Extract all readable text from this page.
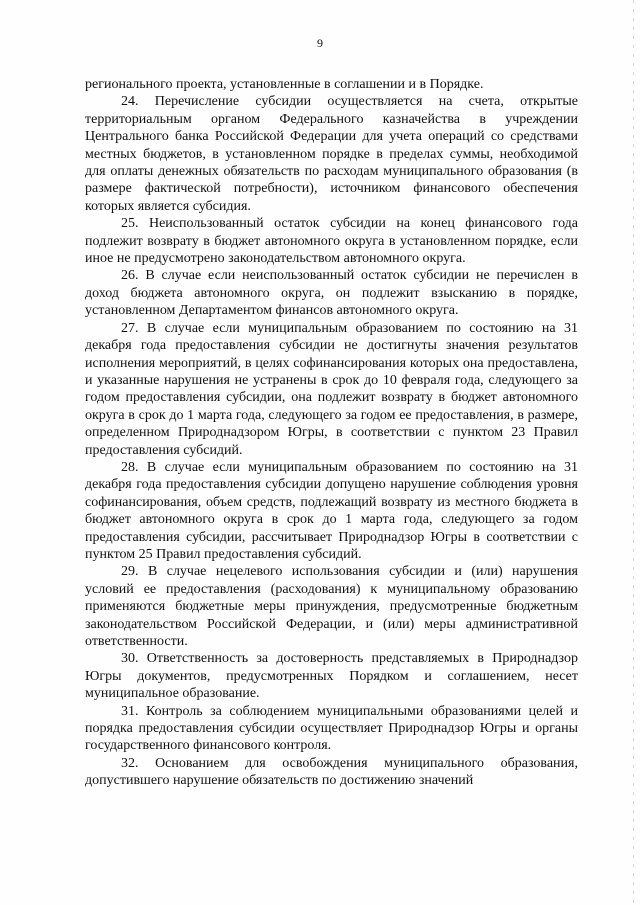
9

регионального проекта, установленные в соглашении и в Порядке.

24. Перечисление субсидии осуществляется на счета, открытые территориальным органом Федерального казначейства в учреждении Центрального банка Российской Федерации для учета операций со средствами местных бюджетов, в установленном порядке в пределах суммы, необходимой для оплаты денежных обязательств по расходам муниципального образования (в размере фактической потребности), источником финансового обеспечения которых является субсидия.

25. Неиспользованный остаток субсидии на конец финансового года подлежит возврату в бюджет автономного округа в установленном порядке, если иное не предусмотрено законодательством автономного округа.

26. В случае если неиспользованный остаток субсидии не перечислен в доход бюджета автономного округа, он подлежит взысканию в порядке, установленном Департаментом финансов автономного округа.

27. В случае если муниципальным образованием по состоянию на 31 декабря года предоставления субсидии не достигнуты значения результатов исполнения мероприятий, в целях софинансирования которых она предоставлена, и указанные нарушения не устранены в срок до 10 февраля года, следующего за годом предоставления субсидии, она подлежит возврату в бюджет автономного округа в срок до 1 марта года, следующего за годом ее предоставления, в размере, определенном Природнадзором Югры, в соответствии с пунктом 23 Правил предоставления субсидий.

28. В случае если муниципальным образованием по состоянию на 31 декабря года предоставления субсидии допущено нарушение соблюдения уровня софинансирования, объем средств, подлежащий возврату из местного бюджета в бюджет автономного округа в срок до 1 марта года, следующего за годом предоставления субсидии, рассчитывает Природнадзор Югры в соответствии с пунктом 25 Правил предоставления субсидий.

29. В случае нецелевого использования субсидии и (или) нарушения условий ее предоставления (расходования) к муниципальному образованию применяются бюджетные меры принуждения, предусмотренные бюджетным законодательством Российской Федерации, и (или) меры административной ответственности.

30. Ответственность за достоверность представляемых в Природнадзор Югры документов, предусмотренных Порядком и соглашением, несет муниципальное образование.

31. Контроль за соблюдением муниципальными образованиями целей и порядка предоставления субсидии осуществляет Природнадзор Югры и органы государственного финансового контроля.

32. Основанием для освобождения муниципального образования, допустившего нарушение обязательств по достижению значений
